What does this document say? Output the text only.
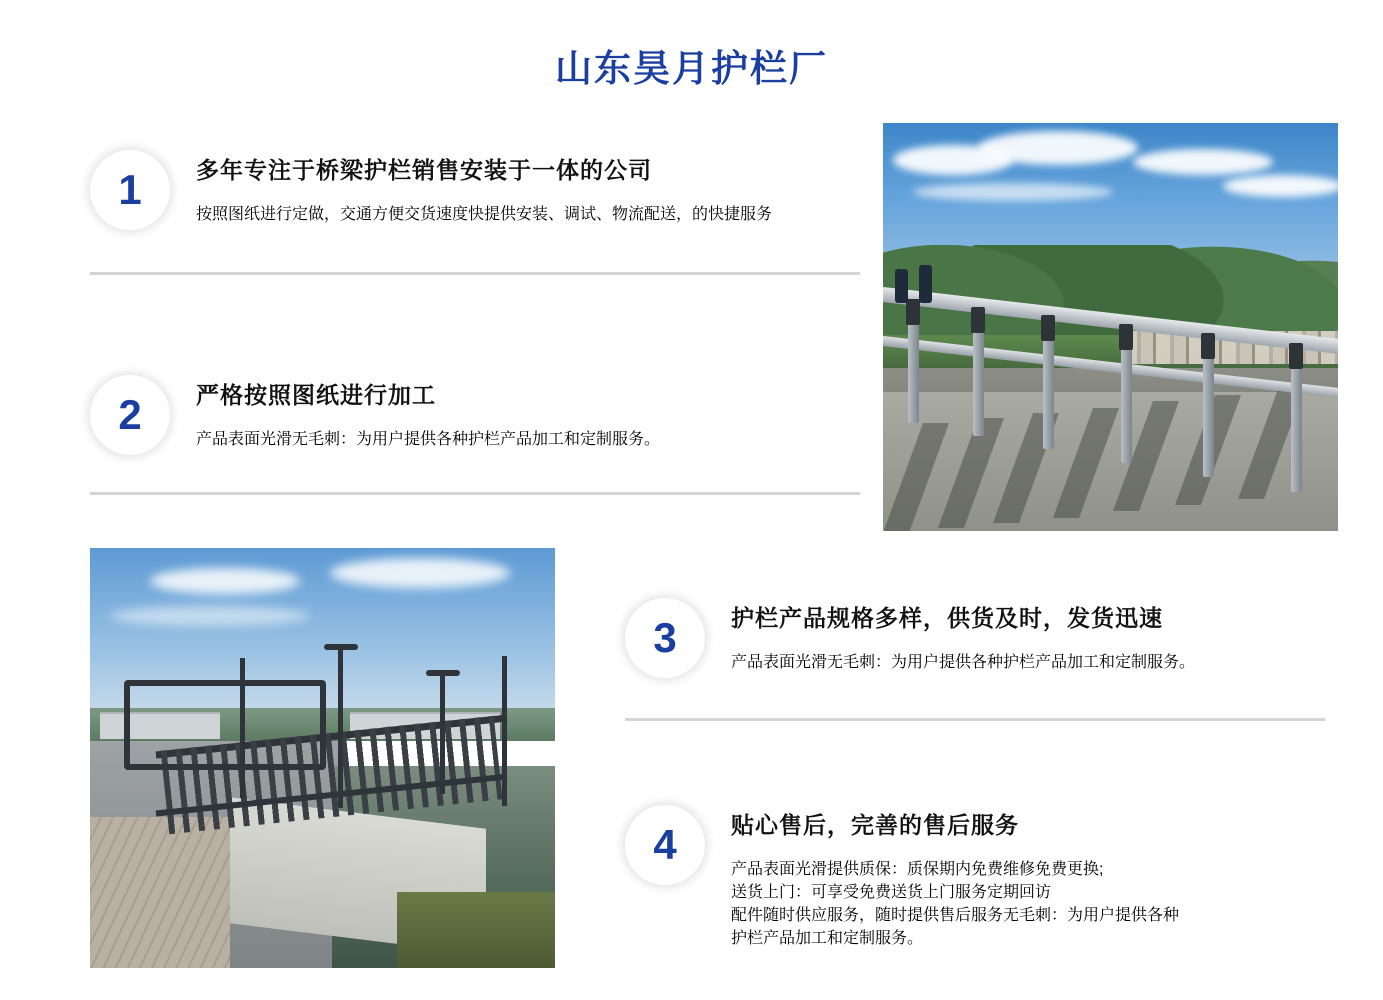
山东昊月护栏厂
1	多年专注于桥梁护栏销售安装于一体的公司

按照图纸进行定做，交通方便交货速度快提供安装、调试、物流配送，的快捷服务

2	严格按照图纸进行加工

产品表面光滑无毛刺：为用户提供各种护栏产品加工和定制服务。

3	护栏产品规格多样，供货及时，发货迅速

产品表面光滑无毛刺：为用户提供各种护栏产品加工和定制服务。

4	贴心售后，完善的售后服务

产品表面光滑提供质保：质保期内免费维修免费更换;
送货上门：可享受免费送货上门服务定期回访
配件随时供应服务，随时提供售后服务无毛刺：为用户提供各种
护栏产品加工和定制服务。
